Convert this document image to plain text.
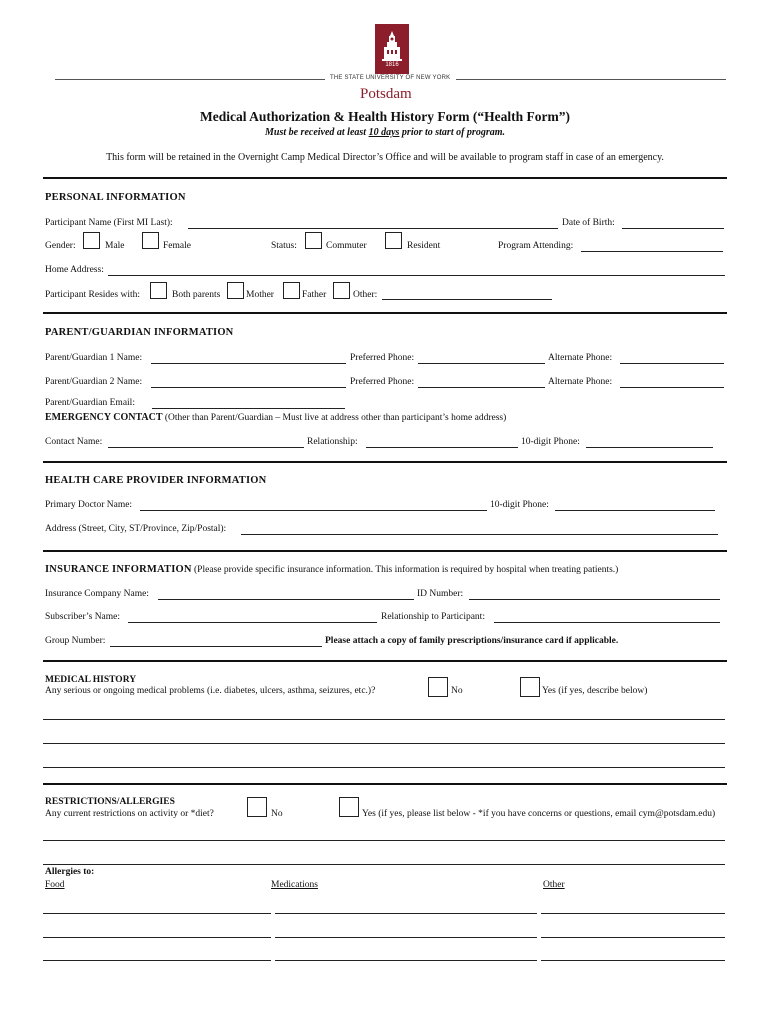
1816
THE STATE UNIVERSITY OF NEW YORK
Potsdam
Medical Authorization & Health History Form (“Health Form”)
Must be received at least 10 days prior to start of program.
This form will be retained in the Overnight Camp Medical Director’s Office and will be available to program staff in case of an emergency.
PERSONAL INFORMATION
Participant Name (First MI Last):	Date of Birth:
Gender:	Male	Female	Status:	Commuter	Resident	Program Attending:
Home Address:
Participant Resides with:	Both parents	Mother	Father	Other:
PARENT/GUARDIAN INFORMATION
Parent/Guardian 1 Name:	Preferred Phone:	Alternate Phone:
Parent/Guardian 2 Name:	Preferred Phone:	Alternate Phone:
Parent/Guardian Email:
EMERGENCY CONTACT (Other than Parent/Guardian – Must live at address other than participant’s home address)
Contact Name:	Relationship:	10-digit Phone:
HEALTH CARE PROVIDER INFORMATION
Primary Doctor Name:	10-digit Phone:
Address (Street, City, ST/Province, Zip/Postal):
INSURANCE INFORMATION (Please provide specific insurance information. This information is required by hospital when treating patients.)
Insurance Company Name:	ID Number:
Subscriber’s Name:	Relationship to Participant:
Group Number:	Please attach a copy of family prescriptions/insurance card if applicable.
MEDICAL HISTORY
Any serious or ongoing medical problems (i.e. diabetes, ulcers, asthma, seizures, etc.)?	No	Yes (if yes, describe below)
RESTRICTIONS/ALLERGIES
Any current restrictions on activity or *diet?	No	Yes (if yes, please list below - *if you have concerns or questions, email cym@potsdam.edu)
Allergies to:
Food	Medications	Other
